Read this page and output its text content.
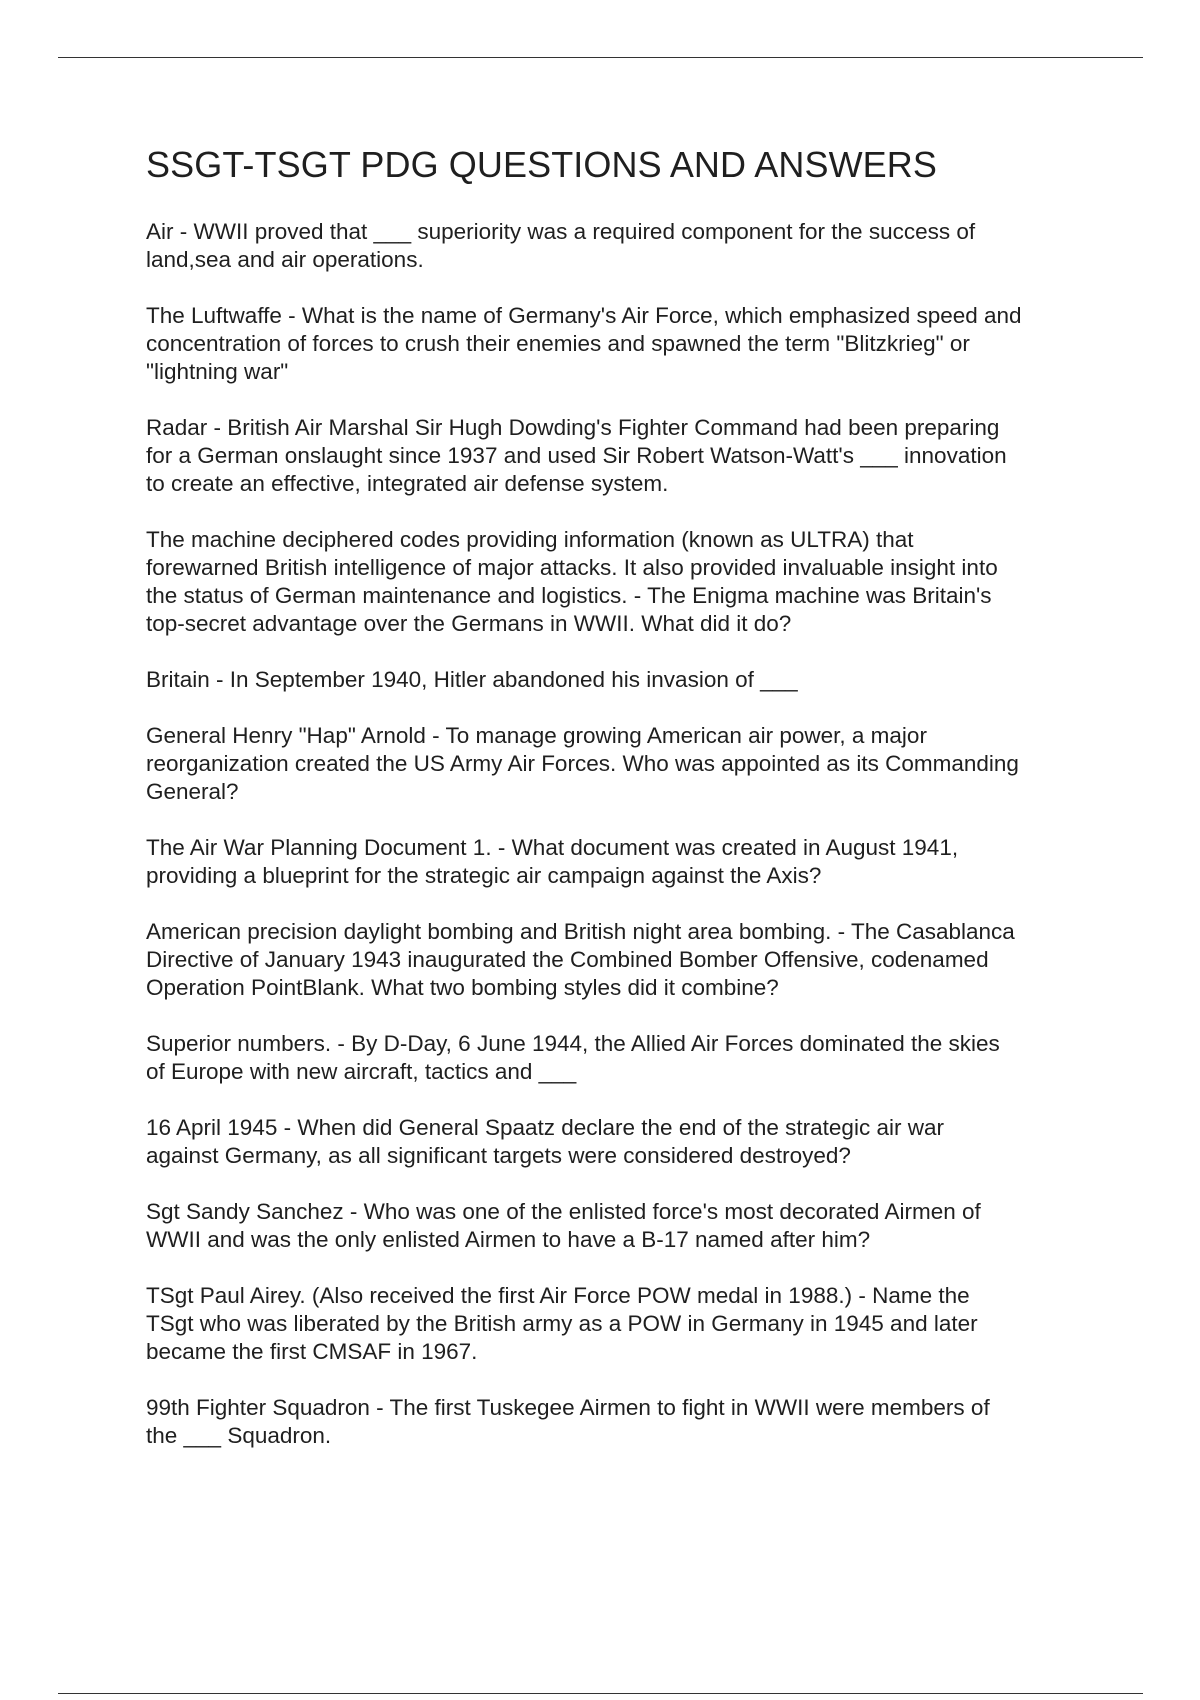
SSGT-TSGT PDG QUESTIONS AND ANSWERS

Air - WWII proved that ___ superiority was a required component for the success of
land,sea and air operations.

The Luftwaffe - What is the name of Germany's Air Force, which emphasized speed and
concentration of forces to crush their enemies and spawned the term "Blitzkrieg" or
"lightning war"

Radar - British Air Marshal Sir Hugh Dowding's Fighter Command had been preparing
for a German onslaught since 1937 and used Sir Robert Watson-Watt's ___ innovation
to create an effective, integrated air defense system.

The machine deciphered codes providing information (known as ULTRA) that
forewarned British intelligence of major attacks. It also provided invaluable insight into
the status of German maintenance and logistics. - The Enigma machine was Britain's
top-secret advantage over the Germans in WWII. What did it do?

Britain - In September 1940, Hitler abandoned his invasion of ___

General Henry "Hap" Arnold - To manage growing American air power, a major
reorganization created the US Army Air Forces. Who was appointed as its Commanding
General?

The Air War Planning Document 1. - What document was created in August 1941,
providing a blueprint for the strategic air campaign against the Axis?

American precision daylight bombing and British night area bombing. - The Casablanca
Directive of January 1943 inaugurated the Combined Bomber Offensive, codenamed
Operation PointBlank. What two bombing styles did it combine?

Superior numbers. - By D-Day, 6 June 1944, the Allied Air Forces dominated the skies
of Europe with new aircraft, tactics and ___

16 April 1945 - When did General Spaatz declare the end of the strategic air war
against Germany, as all significant targets were considered destroyed?

Sgt Sandy Sanchez - Who was one of the enlisted force's most decorated Airmen of
WWII and was the only enlisted Airmen to have a B-17 named after him?

TSgt Paul Airey. (Also received the first Air Force POW medal in 1988.) - Name the
TSgt who was liberated by the British army as a POW in Germany in 1945 and later
became the first CMSAF in 1967.

99th Fighter Squadron - The first Tuskegee Airmen to fight in WWII were members of
the ___ Squadron.
